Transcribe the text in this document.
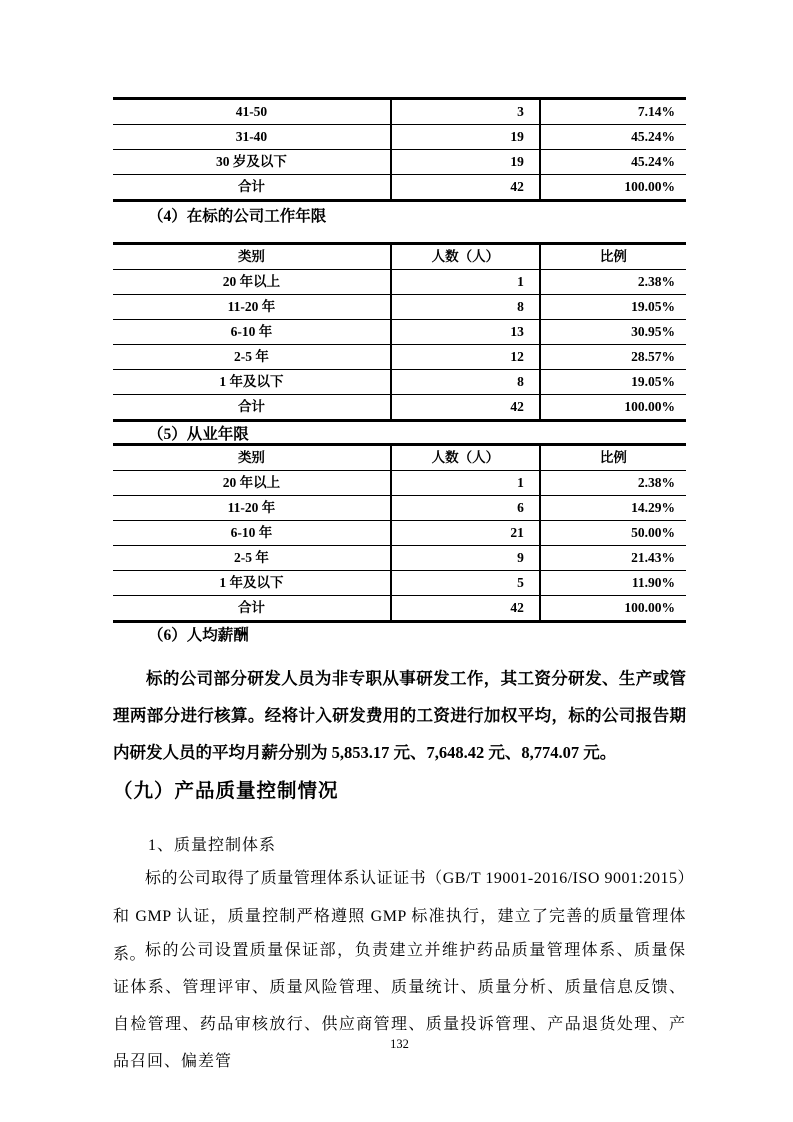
41-50	3	7.14%
31-40	19	45.24%
30 岁及以下	19	45.24%
合计	42	100.00%
（4）在标的公司工作年限
类别	人数（人）	比例
20 年以上	1	2.38%
11-20 年	8	19.05%
6-10 年	13	30.95%
2-5 年	12	28.57%
1 年及以下	8	19.05%
合计	42	100.00%
（5）从业年限
类别	人数（人）	比例
20 年以上	1	2.38%
11-20 年	6	14.29%
6-10 年	21	50.00%
2-5 年	9	21.43%
1 年及以下	5	11.90%
合计	42	100.00%
（6）人均薪酬

标的公司部分研发人员为非专职从事研发工作，其工资分研发、生产或管理两部分进行核算。经将计入研发费用的工资进行加权平均，标的公司报告期内研发人员的平均月薪分别为 5,853.17 元、7,648.42 元、8,774.07 元。

（九）产品质量控制情况
1、质量控制体系

标的公司取得了质量管理体系认证证书（GB/T 19001-2016/ISO 9001:2015）和 GMP 认证，质量控制严格遵照 GMP 标准执行，建立了完善的质量管理体系。

标的公司设置质量保证部，负责建立并维护药品质量管理体系、质量保证体系、管理评审、质量风险管理、质量统计、质量分析、质量信息反馈、自检管理、药品审核放行、供应商管理、质量投诉管理、产品退货处理、产品召回、偏差管

132
